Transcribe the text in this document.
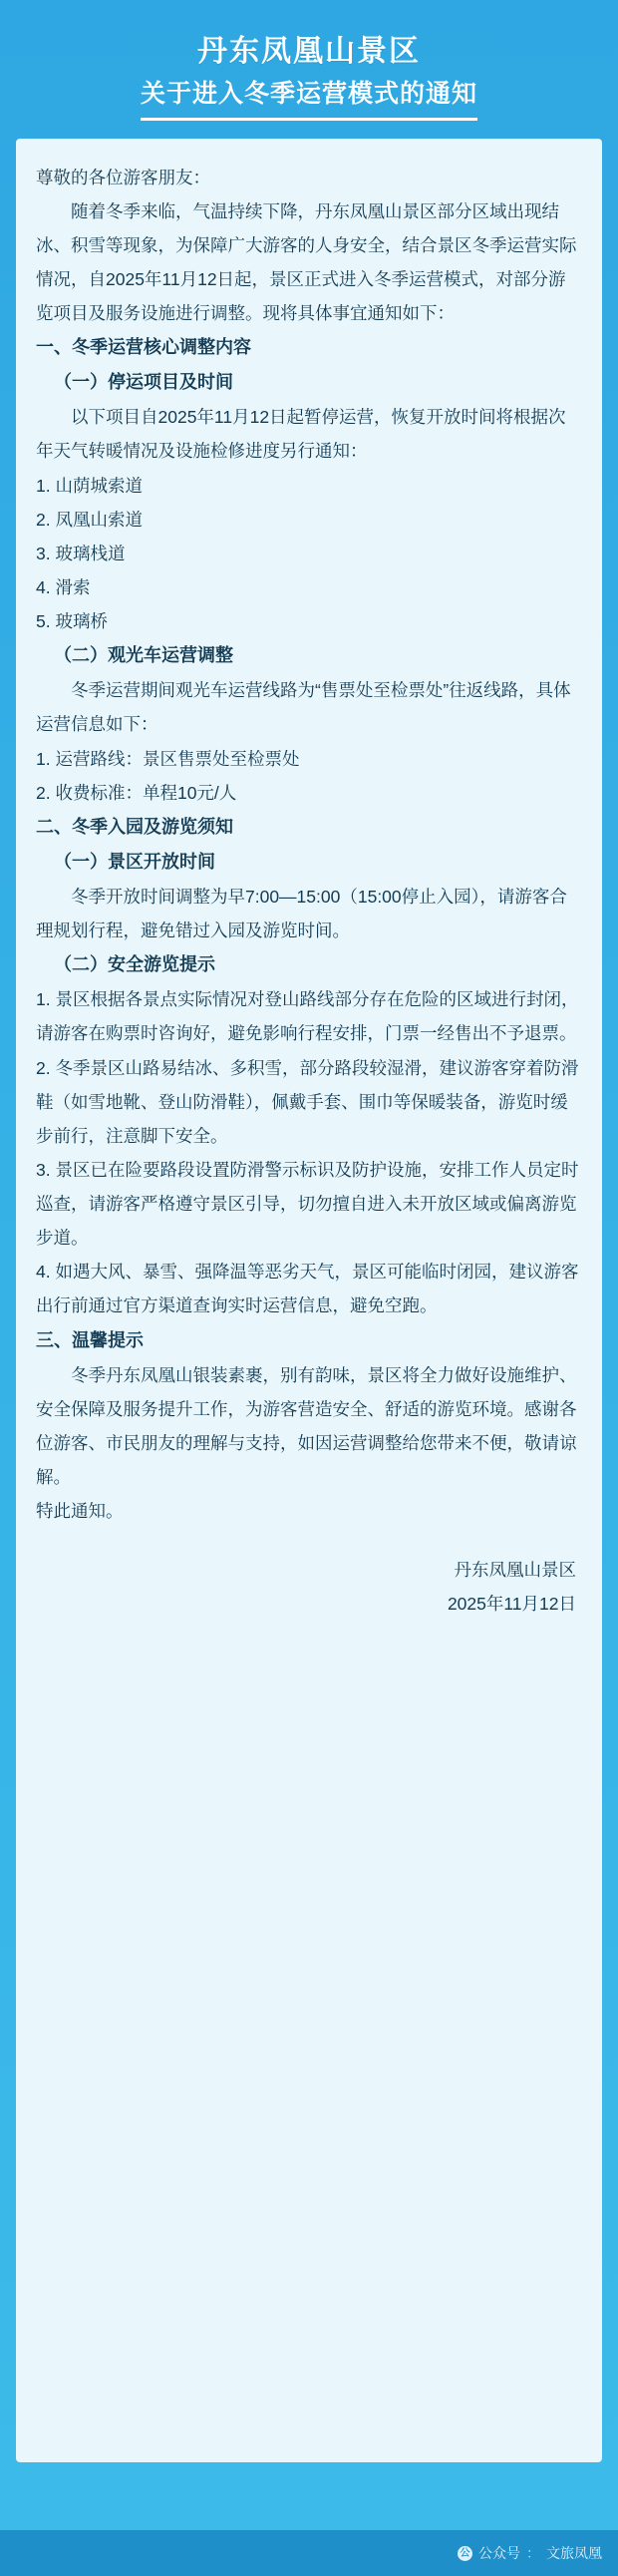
丹东凤凰山景区
关于进入冬季运营模式的通知

尊敬的各位游客朋友：

随着冬季来临，气温持续下降，丹东凤凰山景区部分区域出现结冰、积雪等现象，为保障广大游客的人身安全，结合景区冬季运营实际情况，自2025年11月12日起，景区正式进入冬季运营模式，对部分游览项目及服务设施进行调整。现将具体事宜通知如下：

一、冬季运营核心调整内容

（一）停运项目及时间

以下项目自2025年11月12日起暂停运营，恢复开放时间将根据次年天气转暖情况及设施检修进度另行通知：

1. 山荫城索道

2. 凤凰山索道

3. 玻璃栈道

4. 滑索

5. 玻璃桥

（二）观光车运营调整

冬季运营期间观光车运营线路为“售票处至检票处”往返线路，具体运营信息如下：

1. 运营路线：景区售票处至检票处

2. 收费标准：单程10元/人

二、冬季入园及游览须知

（一）景区开放时间

冬季开放时间调整为早7:00—15:00（15:00停止入园），请游客合理规划行程，避免错过入园及游览时间。

（二）安全游览提示

1. 景区根据各景点实际情况对登山路线部分存在危险的区域进行封闭，请游客在购票时咨询好，避免影响行程安排，门票一经售出不予退票。

2. 冬季景区山路易结冰、多积雪，部分路段较湿滑，建议游客穿着防滑鞋（如雪地靴、登山防滑鞋），佩戴手套、围巾等保暖装备，游览时缓步前行，注意脚下安全。

3. 景区已在险要路段设置防滑警示标识及防护设施，安排工作人员定时巡查，请游客严格遵守景区引导，切勿擅自进入未开放区域或偏离游览步道。

4. 如遇大风、暴雪、强降温等恶劣天气，景区可能临时闭园，建议游客出行前通过官方渠道查询实时运营信息，避免空跑。

三、温馨提示

冬季丹东凤凰山银装素裹，别有韵味，景区将全力做好设施维护、安全保障及服务提升工作，为游客营造安全、舒适的游览环境。感谢各位游客、市民朋友的理解与支持，如因运营调整给您带来不便，敬请谅解。

特此通知。

丹东凤凰山景区
2025年11月12日
公 公众号 ： 文旅凤凰
